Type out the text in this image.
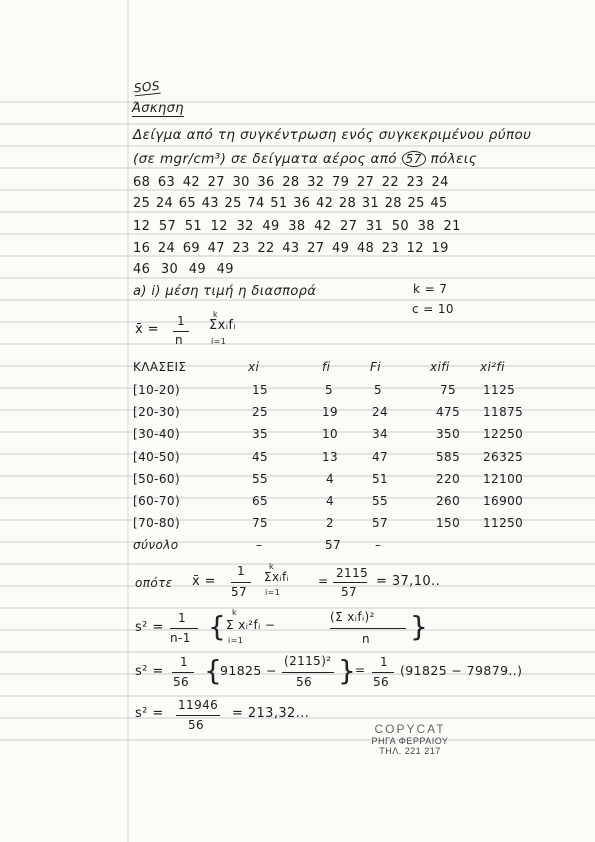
SOS
Άσκηση
Δείγμα από τη συγκέντρωση ενός συγκεκριμένου ρύπου
(σε mgr/cm³) σε δείγματα αέρος από 57 πόλεις
68 63 42 27 30 36 28 32 79 27 22 23 24
25 24 65 43 25 74 51 36 42 28 31 28 25 45
12 57 51 12 32 49 38 42 27 31 50 38 21
16 24 69 47 23 22 43 27 49 48 23 12 19
46 30 49 49
a) i) μέση τιμή η διασπορά	k = 7
c = 10
x̄ =
1
n
k
Σxᵢfᵢ
i=1
ΚΛΑΣΕΙΣ	xi	fi	Fi	xifi	xi²fi
[10-20)	15	5	5	75 1125
[20-30)	25	19	24	475 11875
[30-40)	35	10	34	350 12250
[40-50)	45	13	47	585 26325
[50-60)	55	4	51	220 12100
[60-70)	65	4	55	260 16900
[70-80)	75	2	57	150 11250
σύνολο	–	57	–
οπότε x̄ =
1
57
k
Σxᵢfᵢ
i=1
=
2115
57
= 37,10..
s² =
1
n-1 { k
Σ xᵢ²fᵢ −
i=1
(Σ xᵢfᵢ)²
n }
s² =
1
56 {
91825 −
(2115)²
56 }
=
1
56
(91825 − 79879..)
s² =
11946
56
= 213,32...
COPYCAT
ΡΗΓΑ ΦΕΡΡΑΙΟΥ
ΤΗΛ. 221 217
